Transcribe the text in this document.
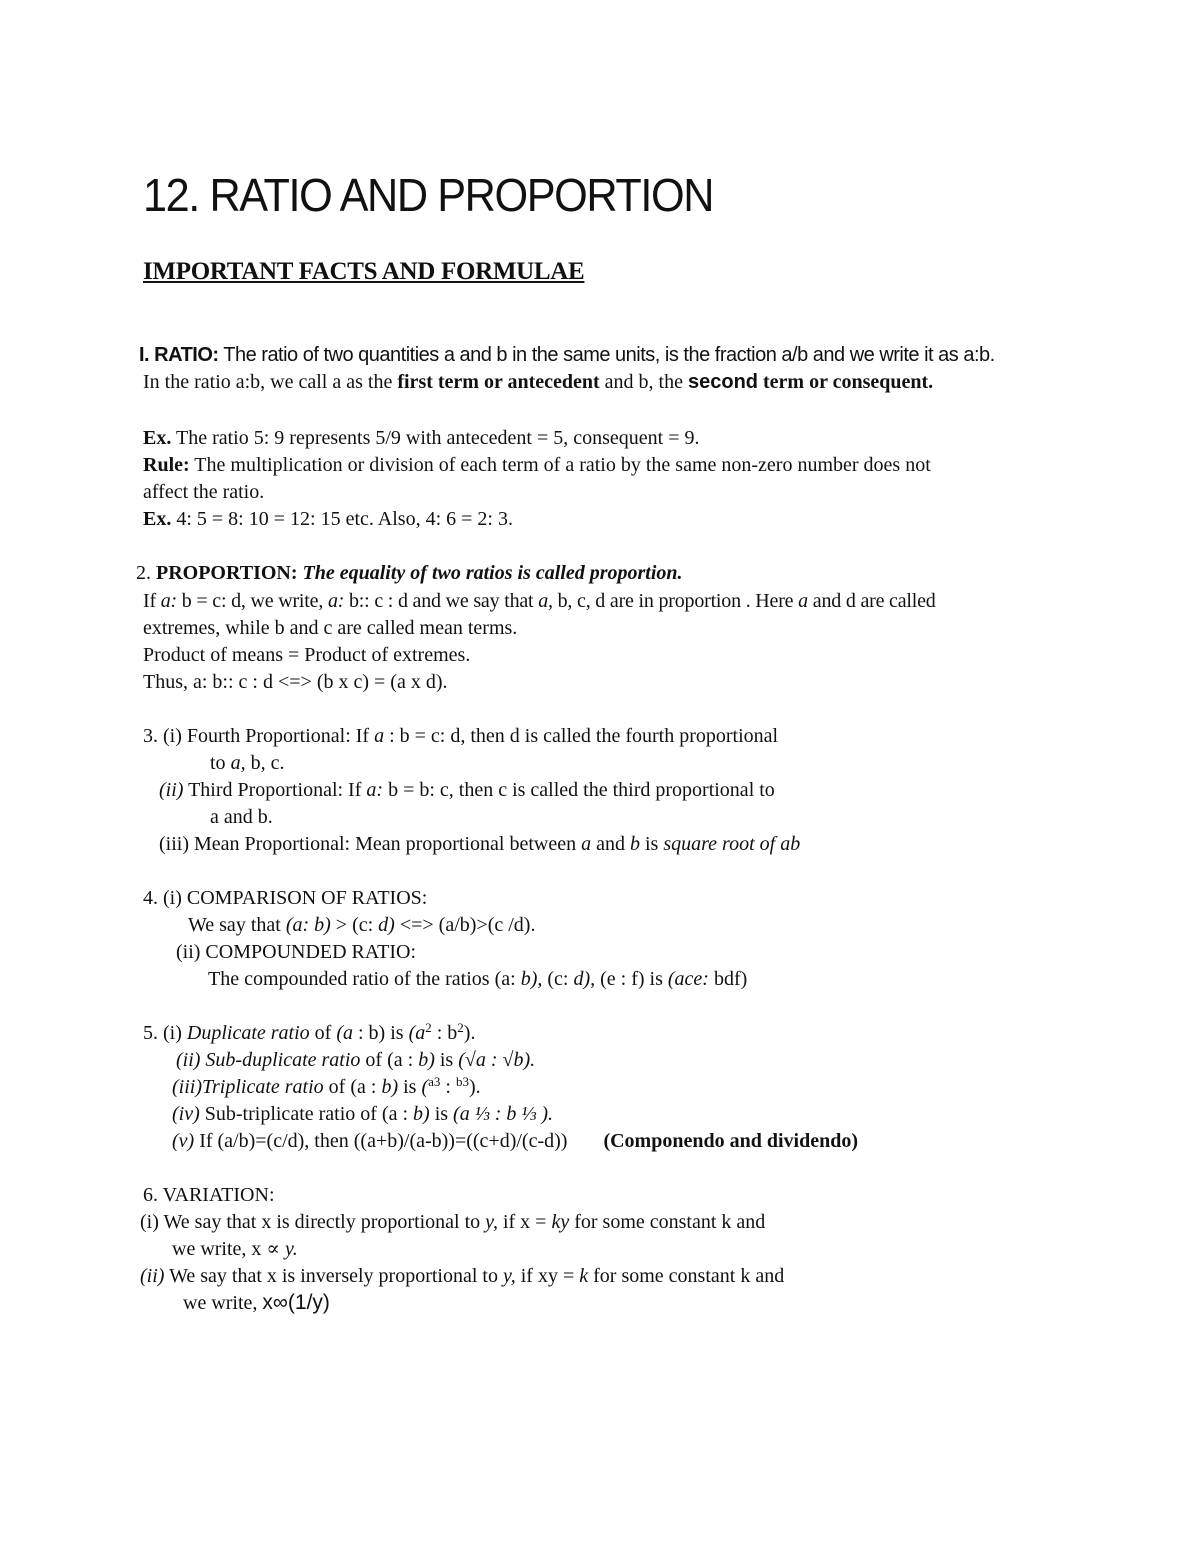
12. RATIO AND PROPORTION
IMPORTANT FACTS AND FORMULAE
I. RATIO: The ratio of two quantities a and b in the same units, is the fraction a/b and we write it as a:b.
In the ratio a:b, we call a as the first term or antecedent and b, the second term or consequent.
Ex. The ratio 5: 9 represents 5/9 with antecedent = 5, consequent = 9.
Rule: The multiplication or division of each term of a ratio by the same non-zero number does not
affect the ratio.
Ex. 4: 5 = 8: 10 = 12: 15 etc. Also, 4: 6 = 2: 3.
2. PROPORTION: The equality of two ratios is called proportion.
If a: b = c: d, we write, a: b:: c : d and we say that a, b, c, d are in proportion . Here a and d are called
extremes, while b and c are called mean terms.
Product of means = Product of extremes.
Thus, a: b:: c : d <=> (b x c) = (a x d).
3. (i) Fourth Proportional: If a : b = c: d, then d is called the fourth proportional
to a, b, c.
(ii) Third Proportional: If a: b = b: c, then c is called the third proportional to
a and b.
(iii) Mean Proportional: Mean proportional between a and b is square root of ab
4. (i) COMPARISON OF RATIOS:
We say that (a: b) > (c: d) <=> (a/b)>(c /d).
(ii) COMPOUNDED RATIO:
The compounded ratio of the ratios (a: b), (c: d), (e : f) is (ace: bdf)
5. (i) Duplicate ratio of (a : b) is ($a^2$ : $b^2$).
(ii) Sub-duplicate ratio of (a : b) is (√a : √b).
(iii)Triplicate ratio of (a : b) is ($^{a3}$ : $^{b3}$).
(iv) Sub-triplicate ratio of (a : b) is (a ⅓ : b ⅓ ).
(v) If (a/b)=(c/d), then ((a+b)/(a-b))=((c+d)/(c-d)) (Componendo and dividendo)
6. VARIATION:
(i) We say that x is directly proportional to y, if x = ky for some constant k and
we write, x ∝ y.
(ii) We say that x is inversely proportional to y, if xy = k for some constant k and
we write, x∞(1/y)
